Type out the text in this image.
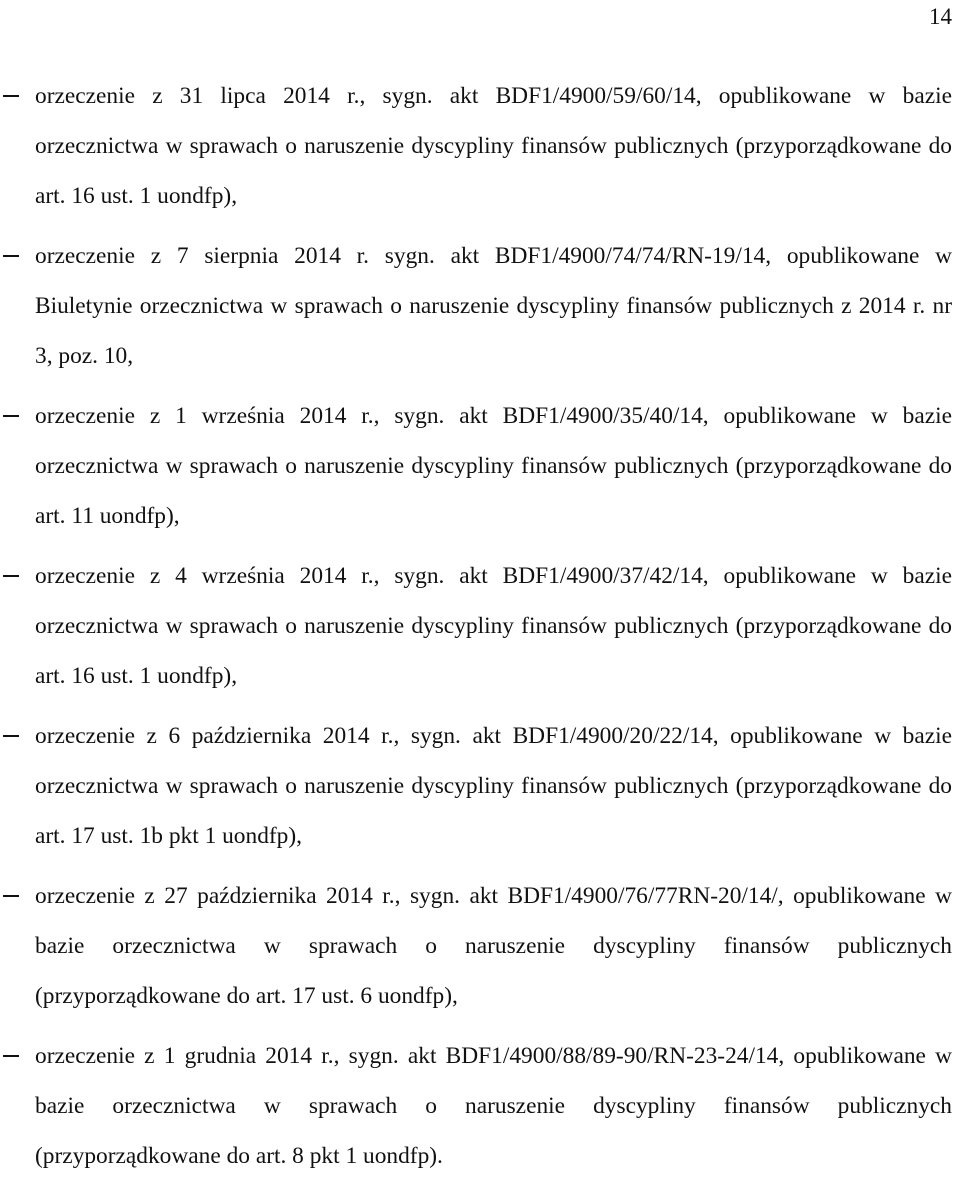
14
orzeczenie z 31 lipca 2014 r., sygn. akt BDF1/4900/59/60/14, opublikowane w bazie orzecznictwa w sprawach o naruszenie dyscypliny finansów publicznych (przyporządkowane do art. 16 ust. 1 uondfp),
orzeczenie z 7 sierpnia 2014 r. sygn. akt BDF1/4900/74/74/RN-19/14, opublikowane w Biuletynie orzecznictwa w sprawach o naruszenie dyscypliny finansów publicznych z 2014 r. nr 3, poz. 10,
orzeczenie z 1 września 2014 r., sygn. akt BDF1/4900/35/40/14, opublikowane w bazie orzecznictwa w sprawach o naruszenie dyscypliny finansów publicznych (przyporządkowane do art. 11 uondfp),
orzeczenie z 4 września 2014 r., sygn. akt BDF1/4900/37/42/14, opublikowane w bazie orzecznictwa w sprawach o naruszenie dyscypliny finansów publicznych (przyporządkowane do art. 16 ust. 1 uondfp),
orzeczenie z 6 października 2014 r., sygn. akt BDF1/4900/20/22/14, opublikowane w bazie orzecznictwa w sprawach o naruszenie dyscypliny finansów publicznych (przyporządkowane do art. 17 ust. 1b pkt 1 uondfp),
orzeczenie z 27 października 2014 r., sygn. akt BDF1/4900/76/77RN-20/14/, opublikowane w bazie orzecznictwa w sprawach o naruszenie dyscypliny finansów publicznych (przyporządkowane do art. 17 ust. 6 uondfp),
orzeczenie z 1 grudnia 2014 r., sygn. akt BDF1/4900/88/89-90/RN-23-24/14, opublikowane w bazie orzecznictwa w sprawach o naruszenie dyscypliny finansów publicznych (przyporządkowane do art. 8 pkt 1 uondfp).
